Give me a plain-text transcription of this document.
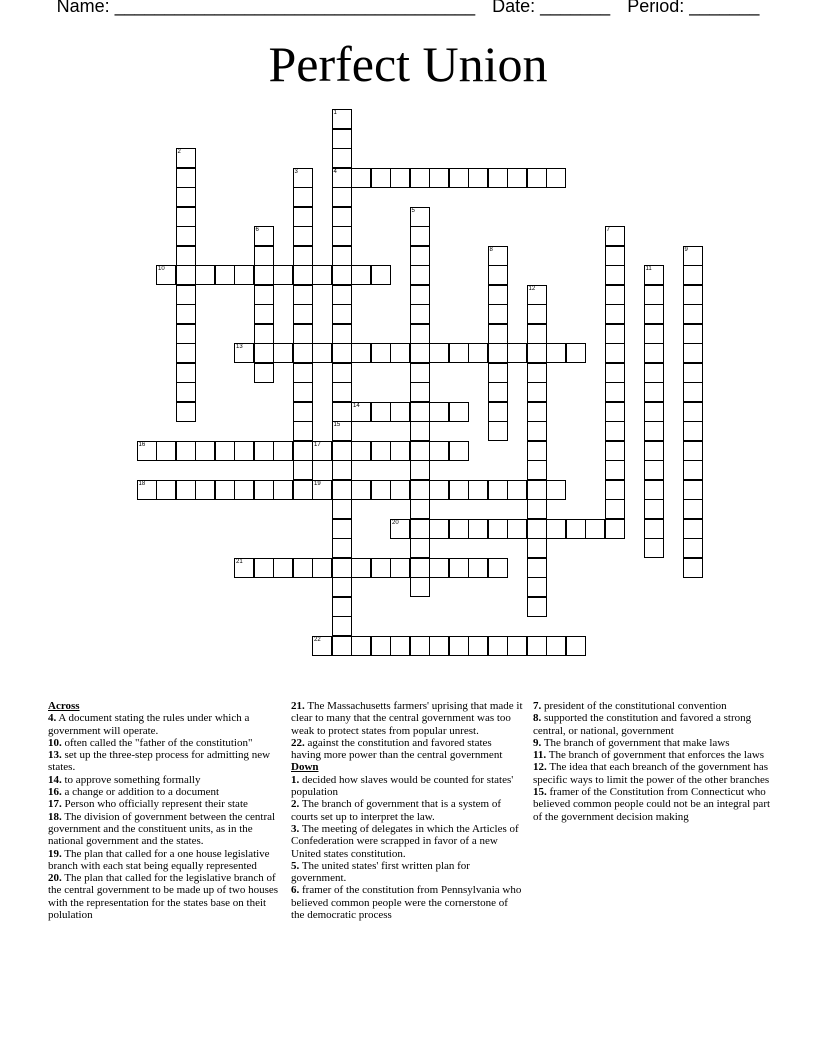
Name: ____________________________________ Date: _______ Period: _______
Perfect Union
1
4
15
2
3
5
6	7
8	9
10	11
12
13
14
16	17
18	19
20
21
22
Across
4. A document stating the rules under which a government will operate.
10. often called the "father of the constitution"
13. set up the three-step process for admitting new states.
14. to approve something formally
16. a change or addition to a document
17. Person who officially represent their state
18. The division of government between the central government and the constituent units, as in the national government and the states.
19. The plan that called for a one house legislative branch with each stat being equally represented
20. The plan that called for the legislative branch of the central government to be made up of two houses with the representation for the states base on theit polulation
21. The Massachusetts farmers' uprising that made it clear to many that the central government was too weak to protect states from popular unrest.
22. against the constitution and favored states having more power than the central government
Down
1. decided how slaves would be counted for states' population
2. The branch of government that is a system of courts set up to interpret the law.
3. The meeting of delegates in which the Articles of Confederation were scrapped in favor of a new United states constitution.
5. The united states' first written plan for government.
6. framer of the constitution from Pennsylvania who believed common people were the cornerstone of the democratic process
7. president of the constitutional convention
8. supported the constitution and favored a strong central, or national, government
9. The branch of government that make laws
11. The branch of government that enforces the laws
12. The idea that each breanch of the government has specific ways to limit the power of the other branches
15. framer of the Constitution from Connecticut who believed common people could not be an integral part of the government decision making
